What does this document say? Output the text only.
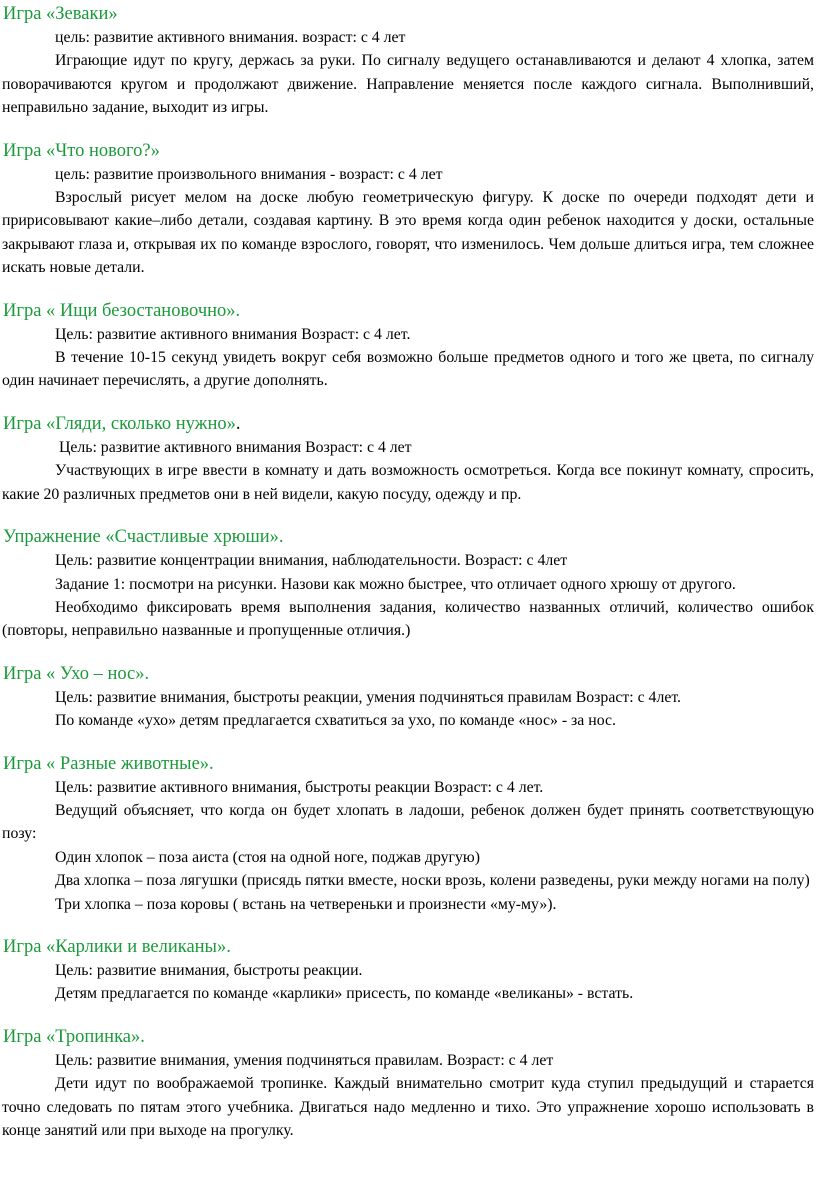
Игра «Зеваки»

цель: развитие активного внимания. возраст: с 4 лет

Играющие идут по кругу, держась за руки. По сигналу ведущего останавливаются и делают 4 хлопка, затем поворачиваются кругом и продолжают движение. Направление меняется после каждого сигнала. Выполнивший, неправильно задание, выходит из игры.

Игра «Что нового?»

цель: развитие произвольного внимания - возраст: с 4 лет

Взрослый рисует мелом на доске любую геометрическую фигуру. К доске по очереди подходят дети и пририсовывают какие–либо детали, создавая картину. В это время когда один ребенок находится у доски, остальные закрывают глаза и, открывая их по команде взрослого, говорят, что изменилось. Чем дольше длиться игра, тем сложнее искать новые детали.

Игра « Ищи безостановочно».

Цель: развитие активного внимания Возраст: с 4 лет.

В течение 10-15 секунд увидеть вокруг себя возможно больше предметов одного и того же цвета, по сигналу один начинает перечислять, а другие дополнять.

Игра «Гляди, сколько нужно».

Цель: развитие активного внимания Возраст: с 4 лет

Участвующих в игре ввести в комнату и дать возможность осмотреться. Когда все покинут комнату, спросить, какие 20 различных предметов они в ней видели, какую посуду, одежду и пр.

Упражнение «Счастливые хрюши».

Цель: развитие концентрации внимания, наблюдательности. Возраст: с 4лет

Задание 1: посмотри на рисунки. Назови как можно быстрее, что отличает одного хрюшу от другого.

Необходимо фиксировать время выполнения задания, количество названных отличий, количество ошибок (повторы, неправильно названные и пропущенные отличия.)

Игра « Ухо – нос».

Цель: развитие внимания, быстроты реакции, умения подчиняться правилам Возраст: с 4лет.

По команде «ухо» детям предлагается схватиться за ухо, по команде «нос» - за нос.

Игра « Разные животные».

Цель: развитие активного внимания, быстроты реакции Возраст: с 4 лет.

Ведущий объясняет, что когда он будет хлопать в ладоши, ребенок должен будет принять соответствующую позу:

Один хлопок – поза аиста (стоя на одной ноге, поджав другую)

Два хлопка – поза лягушки (присядь пятки вместе, носки врозь, колени разведены, руки между ногами на полу)

Три хлопка – поза коровы ( встань на четвереньки и произнести «му-му»).

Игра «Карлики и великаны».

Цель: развитие внимания, быстроты реакции.

Детям предлагается по команде «карлики» присесть, по команде «великаны» - встать.

Игра «Тропинка».

Цель: развитие внимания, умения подчиняться правилам. Возраст: с 4 лет

Дети идут по воображаемой тропинке. Каждый внимательно смотрит куда ступил предыдущий и старается точно следовать по пятам этого учебника. Двигаться надо медленно и тихо. Это упражнение хорошо использовать в конце занятий или при выходе на прогулку.
